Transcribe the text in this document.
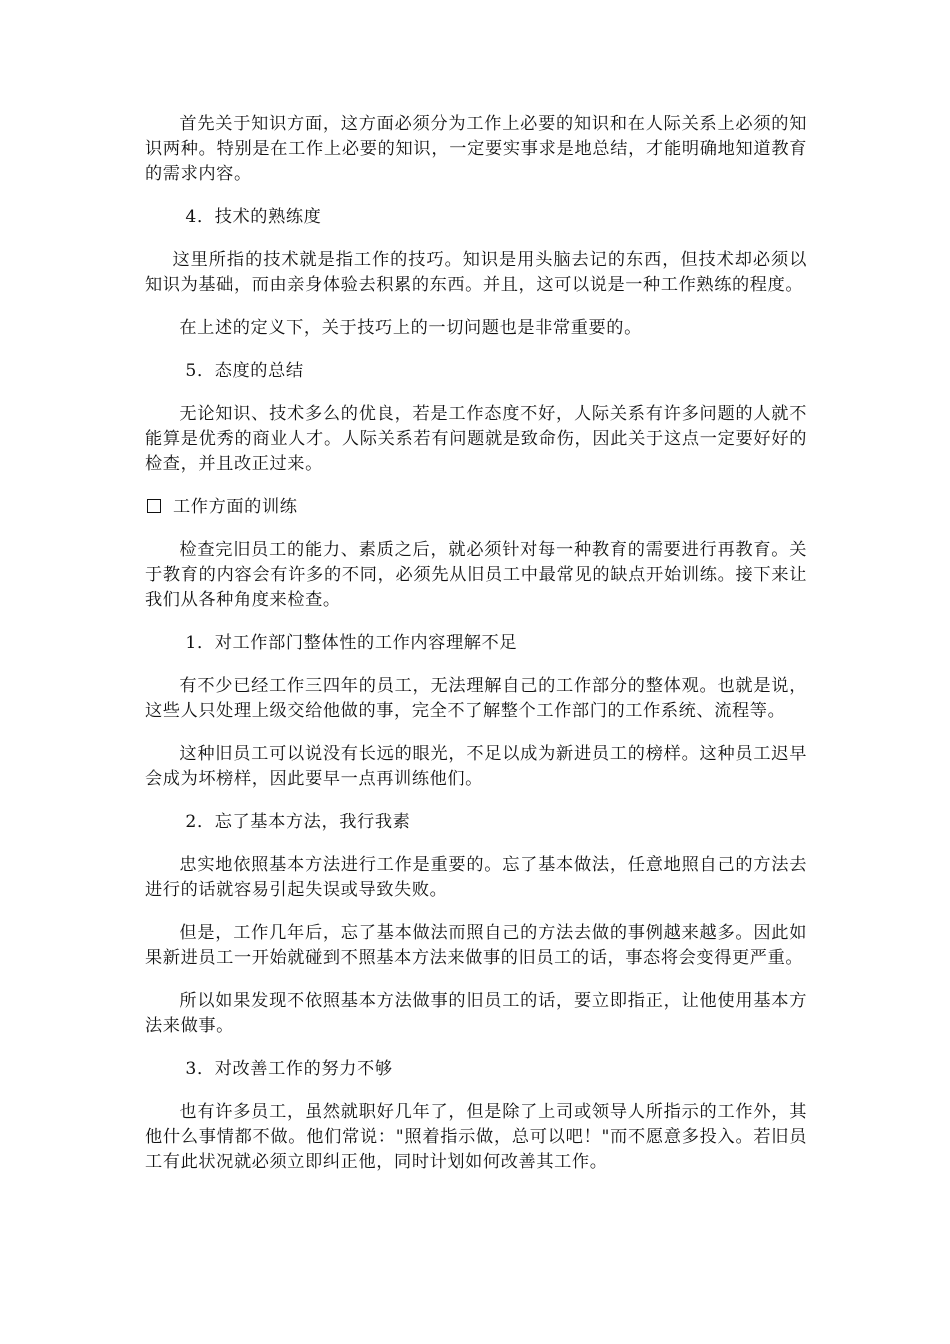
首先关于知识方面，这方面必须分为工作上必要的知识和在人际关系上必须的知识两种。特别是在工作上必要的知识，一定要实事求是地总结，才能明确地知道教育的需求内容。

4．技术的熟练度

这里所指的技术就是指工作的技巧。知识是用头脑去记的东西，但技术却必须以知识为基础，而由亲身体验去积累的东西。并且，这可以说是一种工作熟练的程度。

在上述的定义下，关于技巧上的一切问题也是非常重要的。

5．态度的总结

无论知识、技术多么的优良，若是工作态度不好，人际关系有许多问题的人就不能算是优秀的商业人才。人际关系若有问题就是致命伤，因此关于这点一定要好好的检查，并且改正过来。

工作方面的训练

检查完旧员工的能力、素质之后，就必须针对每一种教育的需要进行再教育。关于教育的内容会有许多的不同，必须先从旧员工中最常见的缺点开始训练。接下来让我们从各种角度来检查。

1．对工作部门整体性的工作内容理解不足

有不少已经工作三四年的员工，无法理解自己的工作部分的整体观。也就是说，这些人只处理上级交给他做的事，完全不了解整个工作部门的工作系统、流程等。

这种旧员工可以说没有长远的眼光，不足以成为新进员工的榜样。这种员工迟早会成为坏榜样，因此要早一点再训练他们。

2．忘了基本方法，我行我素

忠实地依照基本方法进行工作是重要的。忘了基本做法，任意地照自己的方法去进行的话就容易引起失误或导致失败。

但是，工作几年后，忘了基本做法而照自己的方法去做的事例越来越多。因此如果新进员工一开始就碰到不照基本方法来做事的旧员工的话，事态将会变得更严重。

所以如果发现不依照基本方法做事的旧员工的话，要立即指正，让他使用基本方法来做事。

3．对改善工作的努力不够

也有许多员工，虽然就职好几年了，但是除了上司或领导人所指示的工作外，其他什么事情都不做。他们常说："照着指示做，总可以吧！"而不愿意多投入。若旧员工有此状况就必须立即纠正他，同时计划如何改善其工作。
